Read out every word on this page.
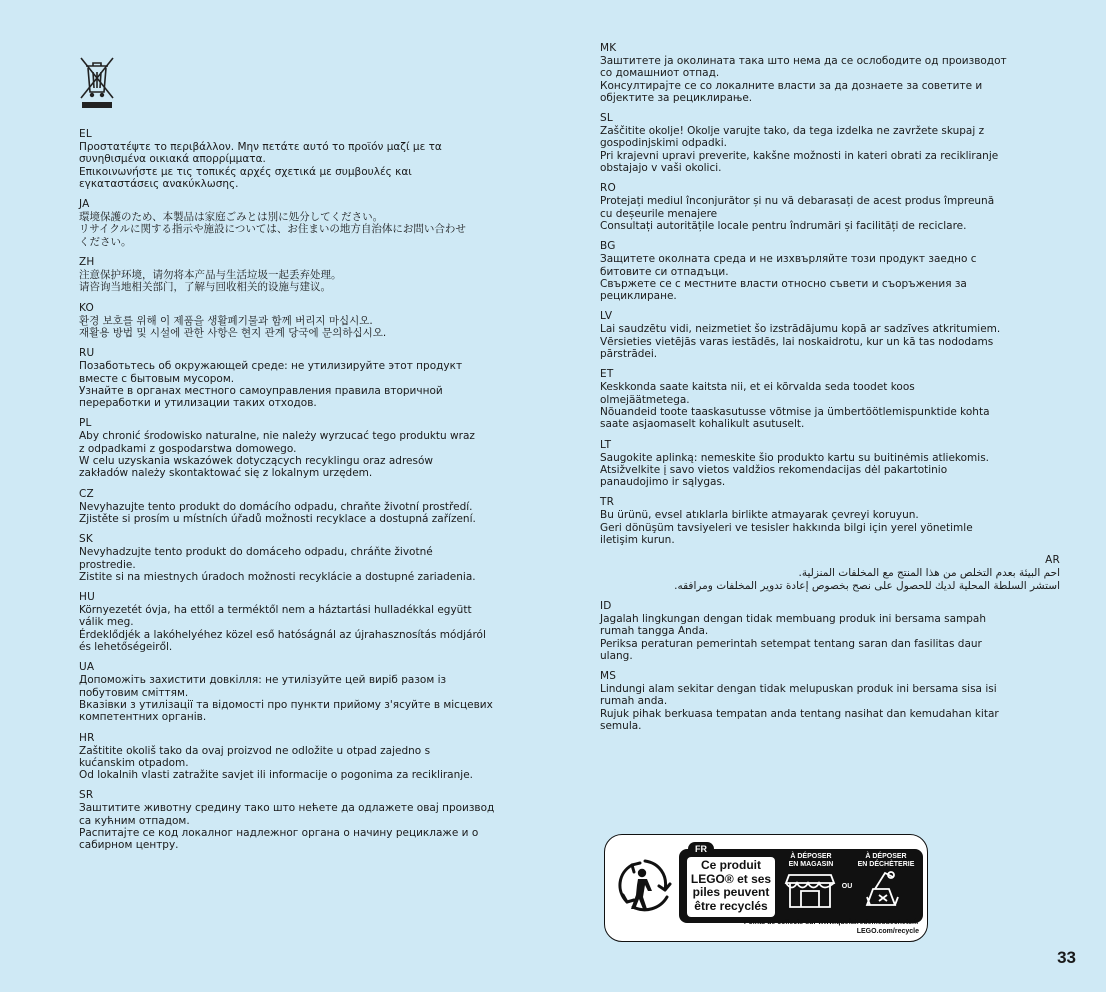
EL
Προστατέψτε το περιβάλλον. Μην πετάτε αυτό το προϊόν μαζί με τα
συνηθισμένα οικιακά απορρίμματα.
Επικοινωνήστε με τις τοπικές αρχές σχετικά με συμβουλές και
εγκαταστάσεις ανακύκλωσης.
JA
環境保護のため、本製品は家庭ごみとは別に処分してください。
リサイクルに関する指示や施設については、お住まいの地方自治体にお問い合わせ
ください。
ZH
注意保护环境，请勿将本产品与生活垃圾一起丢弃处理。
请咨询当地相关部门，了解与回收相关的设施与建议。
KO
환경 보호를 위해 이 제품을 생활폐기물과 함께 버리지 마십시오.
재활용 방법 및 시설에 관한 사항은 현지 관계 당국에 문의하십시오.
RU
Позаботьтесь об окружающей среде: не утилизируйте этот продукт
вместе с бытовым мусором.
Узнайте в органах местного самоуправления правила вторичной
переработки и утилизации таких отходов.
PL
Aby chronić środowisko naturalne, nie należy wyrzucać tego produktu wraz
z odpadkami z gospodarstwa domowego.
W celu uzyskania wskazówek dotyczących recyklingu oraz adresów
zakładów należy skontaktować się z lokalnym urzędem.
CZ
Nevyhazujte tento produkt do domácího odpadu, chraňte životní prostředí.
Zjistěte si prosím u místních úřadů možnosti recyklace a dostupná zařízení.
SK
Nevyhadzujte tento produkt do domáceho odpadu, chráňte životné
prostredie.
Zistite si na miestnych úradoch možnosti recyklácie a dostupné zariadenia.
HU
Környezetét óvja, ha ettől a terméktől nem a háztartási hulladékkal együtt
válik meg.
Érdeklődjék a lakóhelyéhez közel eső hatóságnál az újrahasznosítás módjáról
és lehetőségeiről.
UA
Допоможіть захистити довкілля: не утилізуйте цей виріб разом із
побутовим сміттям.
Вказівки з утилізації та відомості про пункти прийому з'ясуйте в місцевих
компетентних органів.
HR
Zaštitite okoliš tako da ovaj proizvod ne odložite u otpad zajedno s
kućanskim otpadom.
Od lokalnih vlasti zatražite savjet ili informacije o pogonima za recikliranje.
SR
Заштитите животну средину тако што нећете да одлажете овај производ
са кућним отпадом.
Распитајте се код локалног надлежног органа о начину рециклаже и о
сабирном центру.
MK
Заштитете ја околината така што нема да се ослободите од производот
со домашниот отпад.
Консултирајте се со локалните власти за да дознаете за советите и
објектите за рециклирање.
SL
Zaščitite okolje! Okolje varujte tako, da tega izdelka ne zavržete skupaj z
gospodinjskimi odpadki.
Pri krajevni upravi preverite, kakšne možnosti in kateri obrati za recikliranje
obstajajo v vaši okolici.
RO
Protejați mediul înconjurător și nu vă debarasați de acest produs împreună
cu deșeurile menajere
Consultați autoritățile locale pentru îndrumări și facilități de reciclare.
BG
Защитете околната среда и не изхвърляйте този продукт заедно с
битовите си отпадъци.
Свържете се с местните власти относно съвети и съоръжения за
рециклиране.
LV
Lai saudzētu vidi, neizmetiet šo izstrādājumu kopā ar sadzīves atkritumiem.
Vērsieties vietējās varas iestādēs, lai noskaidrotu, kur un kā tas nododams
pārstrādei.
ET
Keskkonda saate kaitsta nii, et ei kõrvalda seda toodet koos
olmejäätmetega.
Nõuandeid toote taaskasutusse võtmise ja ümbertöötlemispunktide kohta
saate asjaomaselt kohalikult asutuselt.
LT
Saugokite aplinką: nemeskite šio produkto kartu su buitinėmis atliekomis.
Atsižvelkite į savo vietos valdžios rekomendacijas dėl pakartotinio
panaudojimo ir sąlygas.
TR
Bu ürünü, evsel atıklarla birlikte atmayarak çevreyi koruyun.
Geri dönüşüm tavsiyeleri ve tesisler hakkında bilgi için yerel yönetimle
iletişim kurun.
AR
احم البيئة بعدم التخلص من هذا المنتج مع المخلفات المنزلية.
استشر السلطة المحلية لديك للحصول على نصح بخصوص إعادة تدوير المخلفات ومرافقه.
ID
Jagalah lingkungan dengan tidak membuang produk ini bersama sampah
rumah tangga Anda.
Periksa peraturan pemerintah setempat tentang saran dan fasilitas daur
ulang.
MS
Lindungi alam sekitar dengan tidak melupuskan produk ini bersama sisa isi
rumah anda.
Rujuk pihak berkuasa tempatan anda tentang nasihat dan kemudahan kitar
semula.
FR
Ce produit
LEGO® et ses
piles peuvent
être recyclés
À DÉPOSER
EN MAGASIN
OU
À DÉPOSER
EN DÉCHÈTERIE
Points de collecte sur www.quefairedemesdechets.fr
LEGO.com/recycle
33
